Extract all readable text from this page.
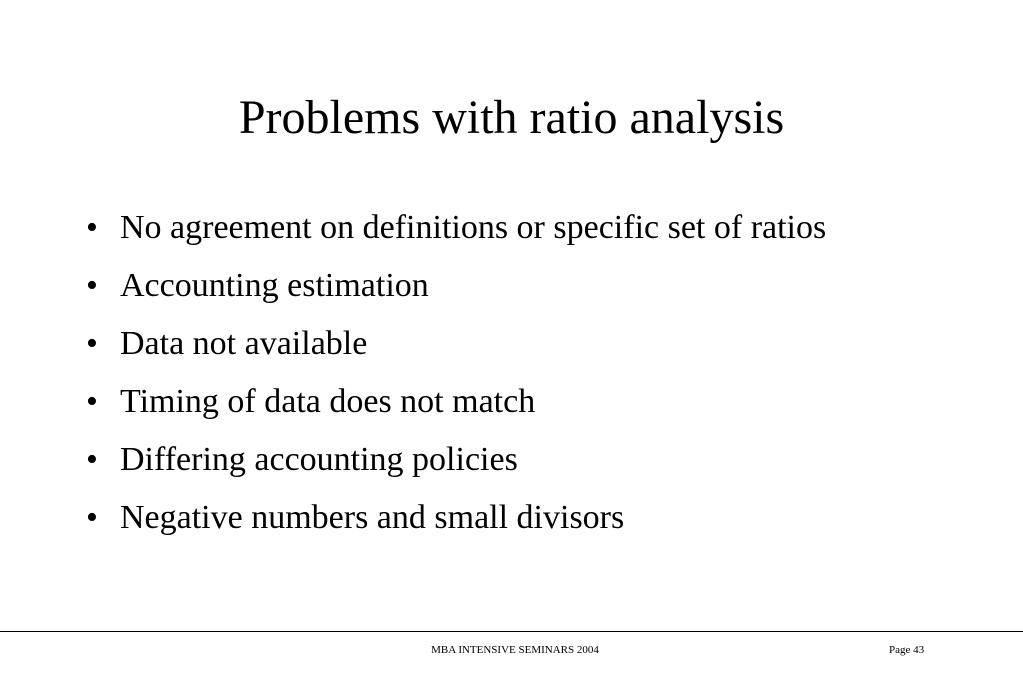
Problems with ratio analysis
• No agreement on definitions or specific set of ratios
• Accounting estimation
• Data not available
• Timing of data does not match
• Differing accounting policies
• Negative numbers and small divisors
MBA INTENSIVE SEMINARS 2004	Page 43
